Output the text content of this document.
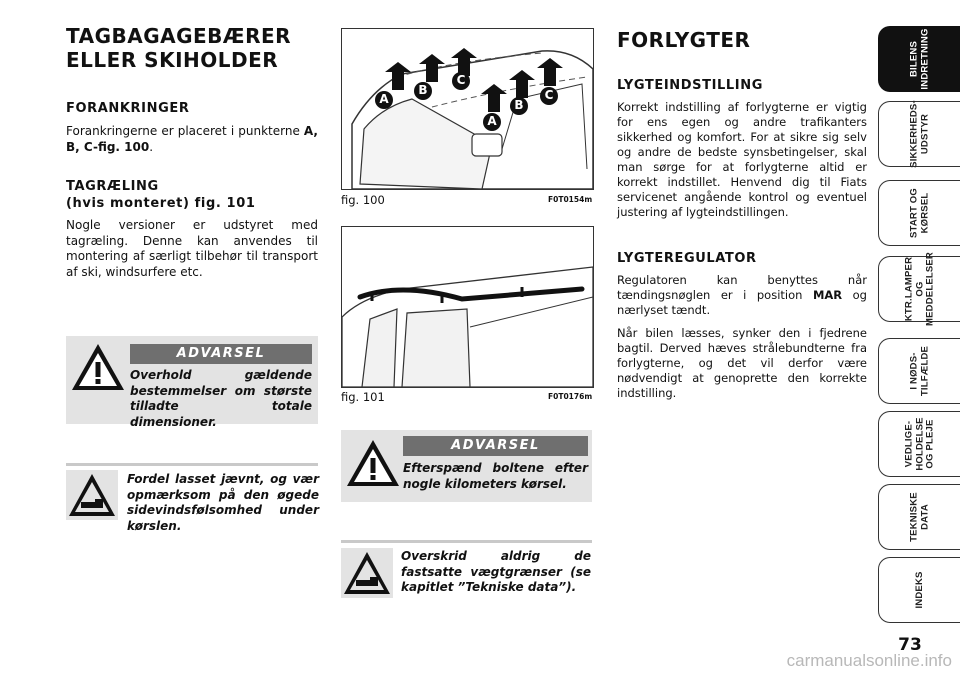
TAGBAGAGEBÆRER
ELLER SKIHOLDER

FORANKRINGER

Forankringerne er placeret i punkterne A, B, C-fig. 100.

TAGRÆLING

(hvis monteret) fig. 101

Nogle versioner er udstyret med tagræling. Denne kan anvendes til montering af særligt tilbehør til transport af ski, windsurfere etc.

ADVARSEL
Overhold gældende bestemmelser om største tilladte totale dimensioner.
Fordel lasset jævnt, og vær opmærksom på den øgede sidevindsfølsomhed under kørslen.
A
B
C
A
B
C
fig. 100	F0T0154m
fig. 101	F0T0176m
ADVARSEL
Efterspænd boltene efter nogle kilometers kørsel.
Overskrid aldrig de fastsatte vægtgrænser (se kapitlet ”Tekniske data”).
FORLYGTER

LYGTEINDSTILLING

Korrekt indstilling af forlygterne er vigtig for ens egen og andre trafikanters sikkerhed og komfort. For at sikre sig selv og andre de bedste synsbetingelser, skal man sørge for at forlygterne altid er korrekt indstillet. Henvend dig til Fiats servicenet angående kontrol og eventuel justering af lygteindstillingen.

LYGTEREGULATOR

Regulatoren kan benyttes når tændingsnøglen er i position MAR og nærlyset tændt.

Når bilen læsses, synker den i fjedrene bagtil. Derved hæves strålebundterne fra forlygterne, og det vil derfor være nødvendigt at genoprette den korrekte indstilling.

BILENS
INDRETNING
SIKKERHEDS-
UDSTYR
START OG
KØRSEL
KTR.LAMPER
OG
MEDDELELSER
I NØDS-
TILFÆLDE
VEDLIGE-
HOLDELSE
OG PLEJE
TEKNISKE
DATA
INDEKS
73
carmanualsonline.info
